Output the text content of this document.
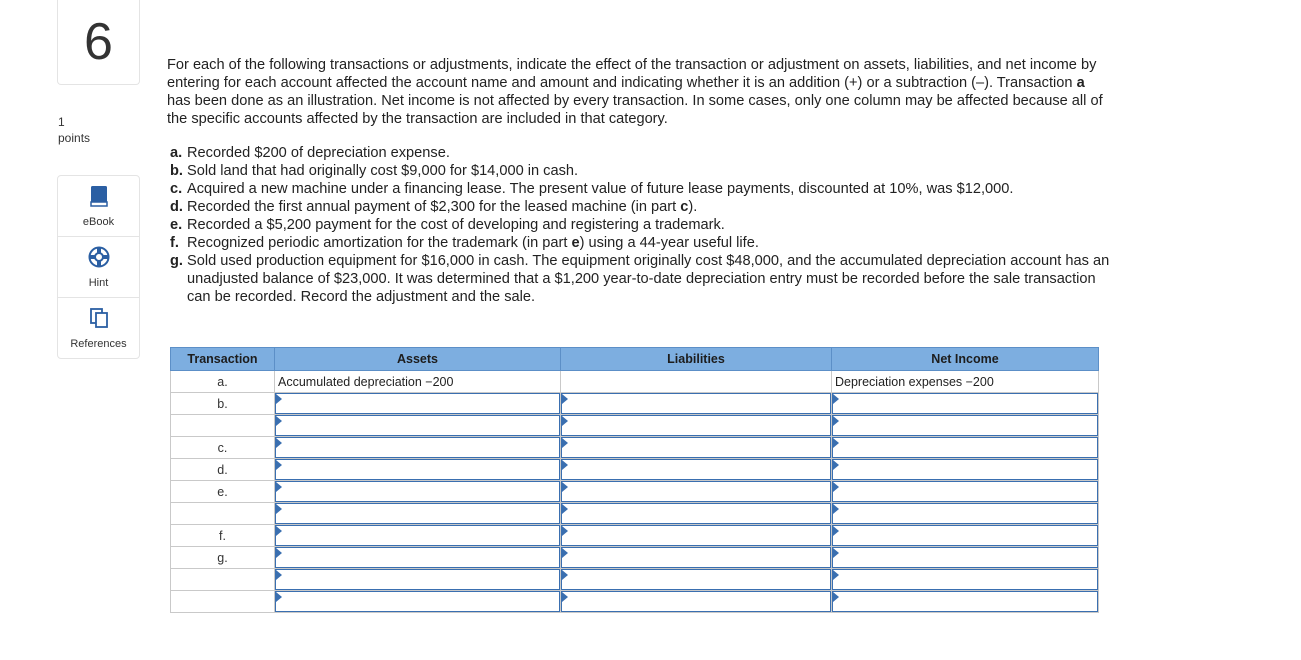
6
1
points
eBook
Hint
References
For each of the following transactions or adjustments, indicate the effect of the transaction or adjustment on assets, liabilities, and net income by entering for each account affected the account name and amount and indicating whether it is an addition (+) or a subtraction (–). Transaction a has been done as an illustration. Net income is not affected by every transaction. In some cases, only one column may be affected because all of the specific accounts affected by the transaction are included in that category.
a. Recorded $200 of depreciation expense.
b. Sold land that had originally cost $9,000 for $14,000 in cash.
c. Acquired a new machine under a financing lease. The present value of future lease payments, discounted at 10%, was $12,000.
d. Recorded the first annual payment of $2,300 for the leased machine (in part c).
e. Recorded a $5,200 payment for the cost of developing and registering a trademark.
f. Recognized periodic amortization for the trademark (in part e) using a 44-year useful life.
g. Sold used production equipment for $16,000 in cash. The equipment originally cost $48,000, and the accumulated depreciation account has an unadjusted balance of $23,000. It was determined that a $1,200 year-to-date depreciation entry must be recorded before the sale transaction can be recorded. Record the adjustment and the sale.
Transaction	Assets	Liabilities	Net Income
a.	Accumulated depreciation −200		Depreciation expenses −200
b.	

c.	

d.	

e.	

f.	

g.	
